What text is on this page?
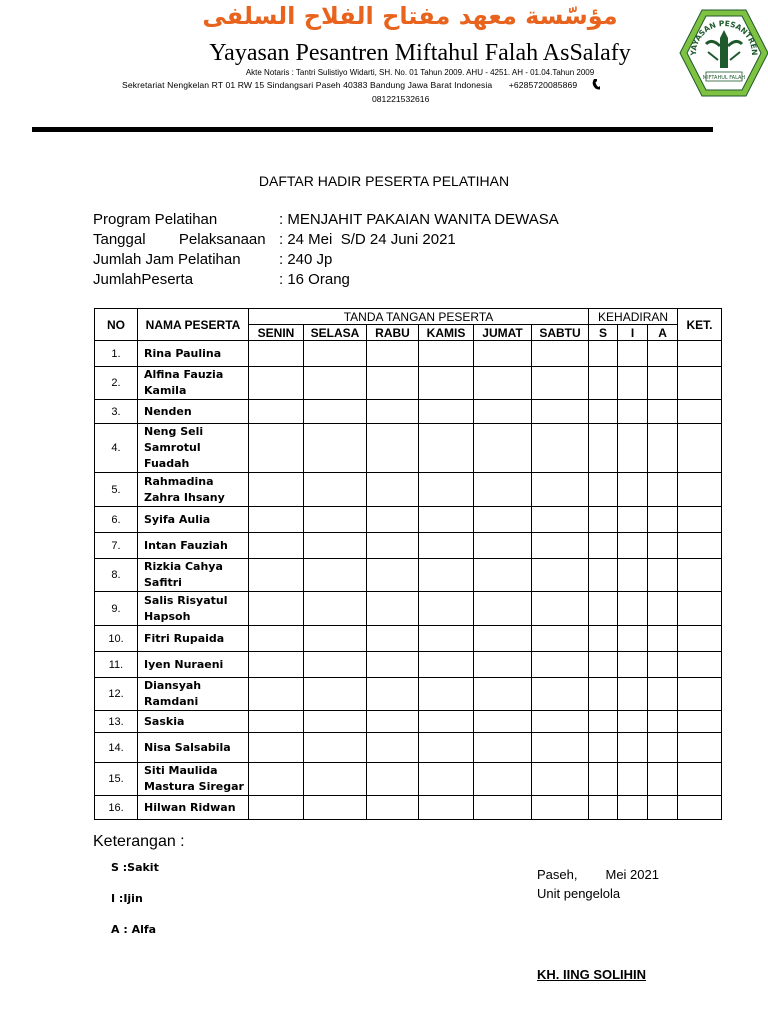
مؤسّسة معهد مفتاح الفلاح السلفى
Yayasan Pesantren Miftahul Falah AsSalafy
Akte Notaris : Tantri Sulistiyo Widarti, SH. No. 01 Tahun 2009. AHU - 4251. AH - 01.04.Tahun 2009
Sekretariat Nengkelan RT 01 RW 15 Sindangsari Paseh 40383 Bandung Jawa Barat Indonesia +6285720085869
081221532616
YAYASAN PESANTREN
MIFTAHUL FALAH
DAFTAR HADIR PESERTA PELATIHAN
Program Pelatihan	: MENJAHIT PAKAIAN WANITA DEWASA
Tanggal        Pelaksanaan : 24 Mei  S/D 24 Juni 2021
Jumlah Jam Pelatihan	: 240 Jp
JumlahPeserta	: 16 Orang
NO	NAMA PESERTA	TANDA TANGAN PESERTA						KEHADIRAN			KET.
		SENIN	SELASA	RABU	KAMIS	JUMAT	SABTU	S	I	A	
1.	Rina Paulina										
2.	Alfina Fauzia Kamila										
3.	Nenden										
4.	Neng Seli Samrotul Fuadah										
5.	Rahmadina Zahra Ihsany										
6.	Syifa Aulia										
7.	Intan Fauziah										
8.	Rizkia Cahya Safitri										
9.	Salis Risyatul Hapsoh										
10.	Fitri Rupaida										
11.	Iyen Nuraeni										
12.	Diansyah Ramdani										
13.	Saskia										
14.	Nisa Salsabila										
15.	Siti Maulida Mastura Siregar										
16.	Hilwan Ridwan										
Keterangan :
S :Sakit
I :Ijin
A : Alfa
Paseh, Mei 2021
Unit pengelola
KH. IING SOLIHIN
